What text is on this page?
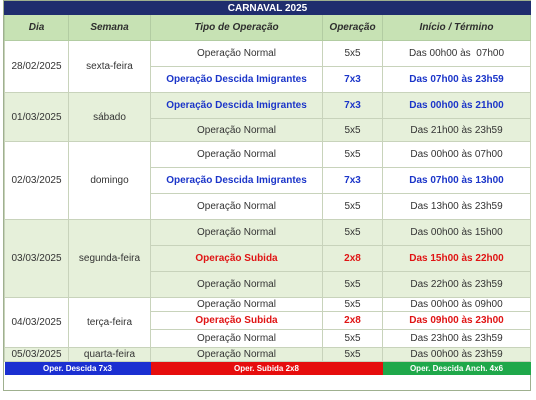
CARNAVAL 2025				
Dia	Semana	Tipo de Operação	Operação	Início / Término
28/02/2025	sexta-feira	Operação Normal	5x5	Das 00h00 às  07h00
		Operação Descida Imigrantes	7x3	Das 07h00 às 23h59
01/03/2025	sábado	Operação Descida Imigrantes	7x3	Das 00h00 às 21h00
		Operação Normal	5x5	Das 21h00 às 23h59
02/03/2025	domingo	Operação Normal	5x5	Das 00h00 às 07h00
		Operação Descida Imigrantes	7x3	Das 07h00 às 13h00
		Operação Normal	5x5	Das 13h00 às 23h59
03/03/2025	segunda-feira	Operação Normal	5x5	Das 00h00 às 15h00
		Operação Subida	2x8	Das 15h00 às 22h00
		Operação Normal	5x5	Das 22h00 às 23h59
04/03/2025	terça-feira	Operação Normal	5x5	Das 00h00 às 09h00
		Operação Subida	2x8	Das 09h00 às 23h00
		Operação Normal	5x5	Das 23h00 às 23h59
05/03/2025	quarta-feira	Operação Normal	5x5	Das 00h00 às 23h59
Oper. Descida 7x3		Oper. Subida 2x8		Oper. Descida Anch. 4x6
